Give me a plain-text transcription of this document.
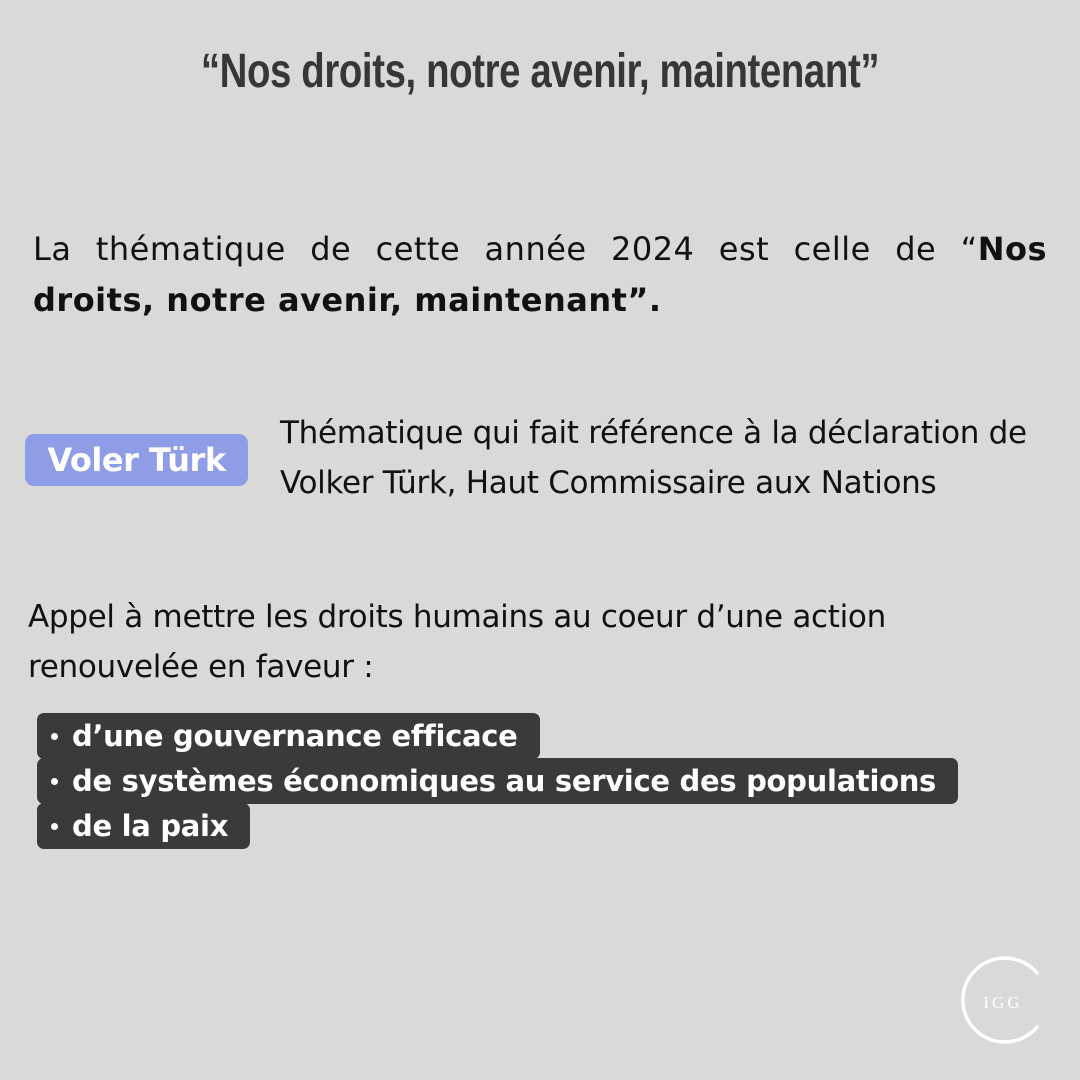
“Nos droits, notre avenir, maintenant”
La thématique de cette année 2024 est celle de “Nos droits, notre avenir, maintenant”.
Voler Türk
Thématique qui fait référence à la déclaration de Volker Türk, Haut Commissaire aux Nations
Appel à mettre les droits humains au coeur d’une action renouvelée en faveur :
d’une gouvernance efficace
de systèmes économiques au service des populations
de la paix
IGG
